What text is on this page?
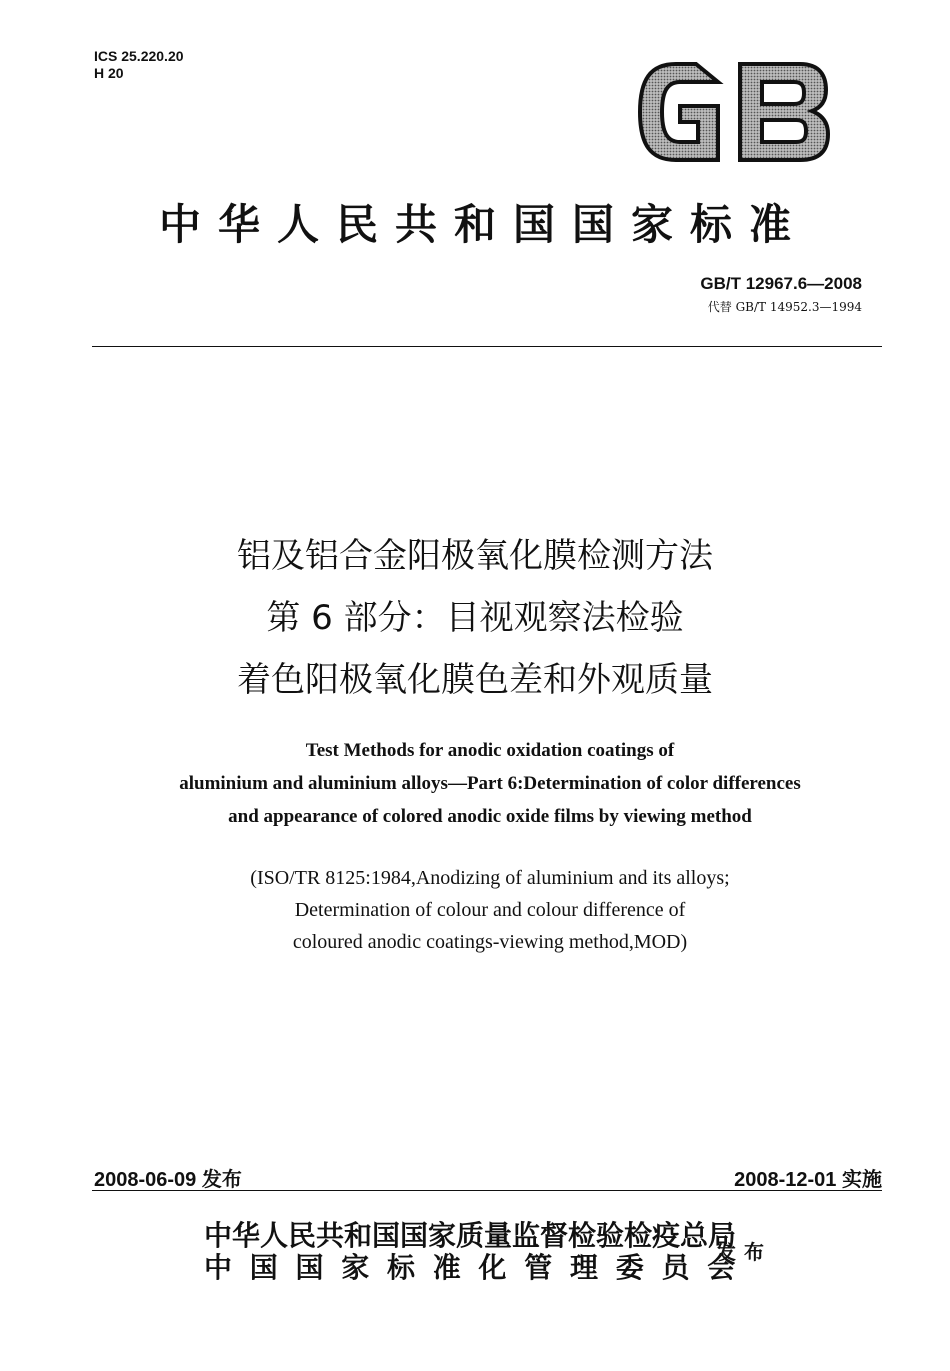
ICS 25.220.20
H 20
中华人民共和国国家标准
GB/T 12967.6—2008
代替 GB/T 14952.3—1994
铝及铝合金阳极氧化膜检测方法
第 6 部分：目视观察法检验
着色阳极氧化膜色差和外观质量
Test Methods for anodic oxidation coatings of
aluminium and aluminium alloys—Part 6:Determination of color differences
and appearance of colored anodic oxide films by viewing method
(ISO/TR 8125:1984,Anodizing of aluminium and its alloys;
Determination of colour and colour difference of
coloured anodic coatings-viewing method,MOD)
2008-06-09 发布	2008-12-01 实施
中华人民共和国国家质量监督检验检疫总局
中 国 国 家 标 准 化 管 理 委 员 会
发布
